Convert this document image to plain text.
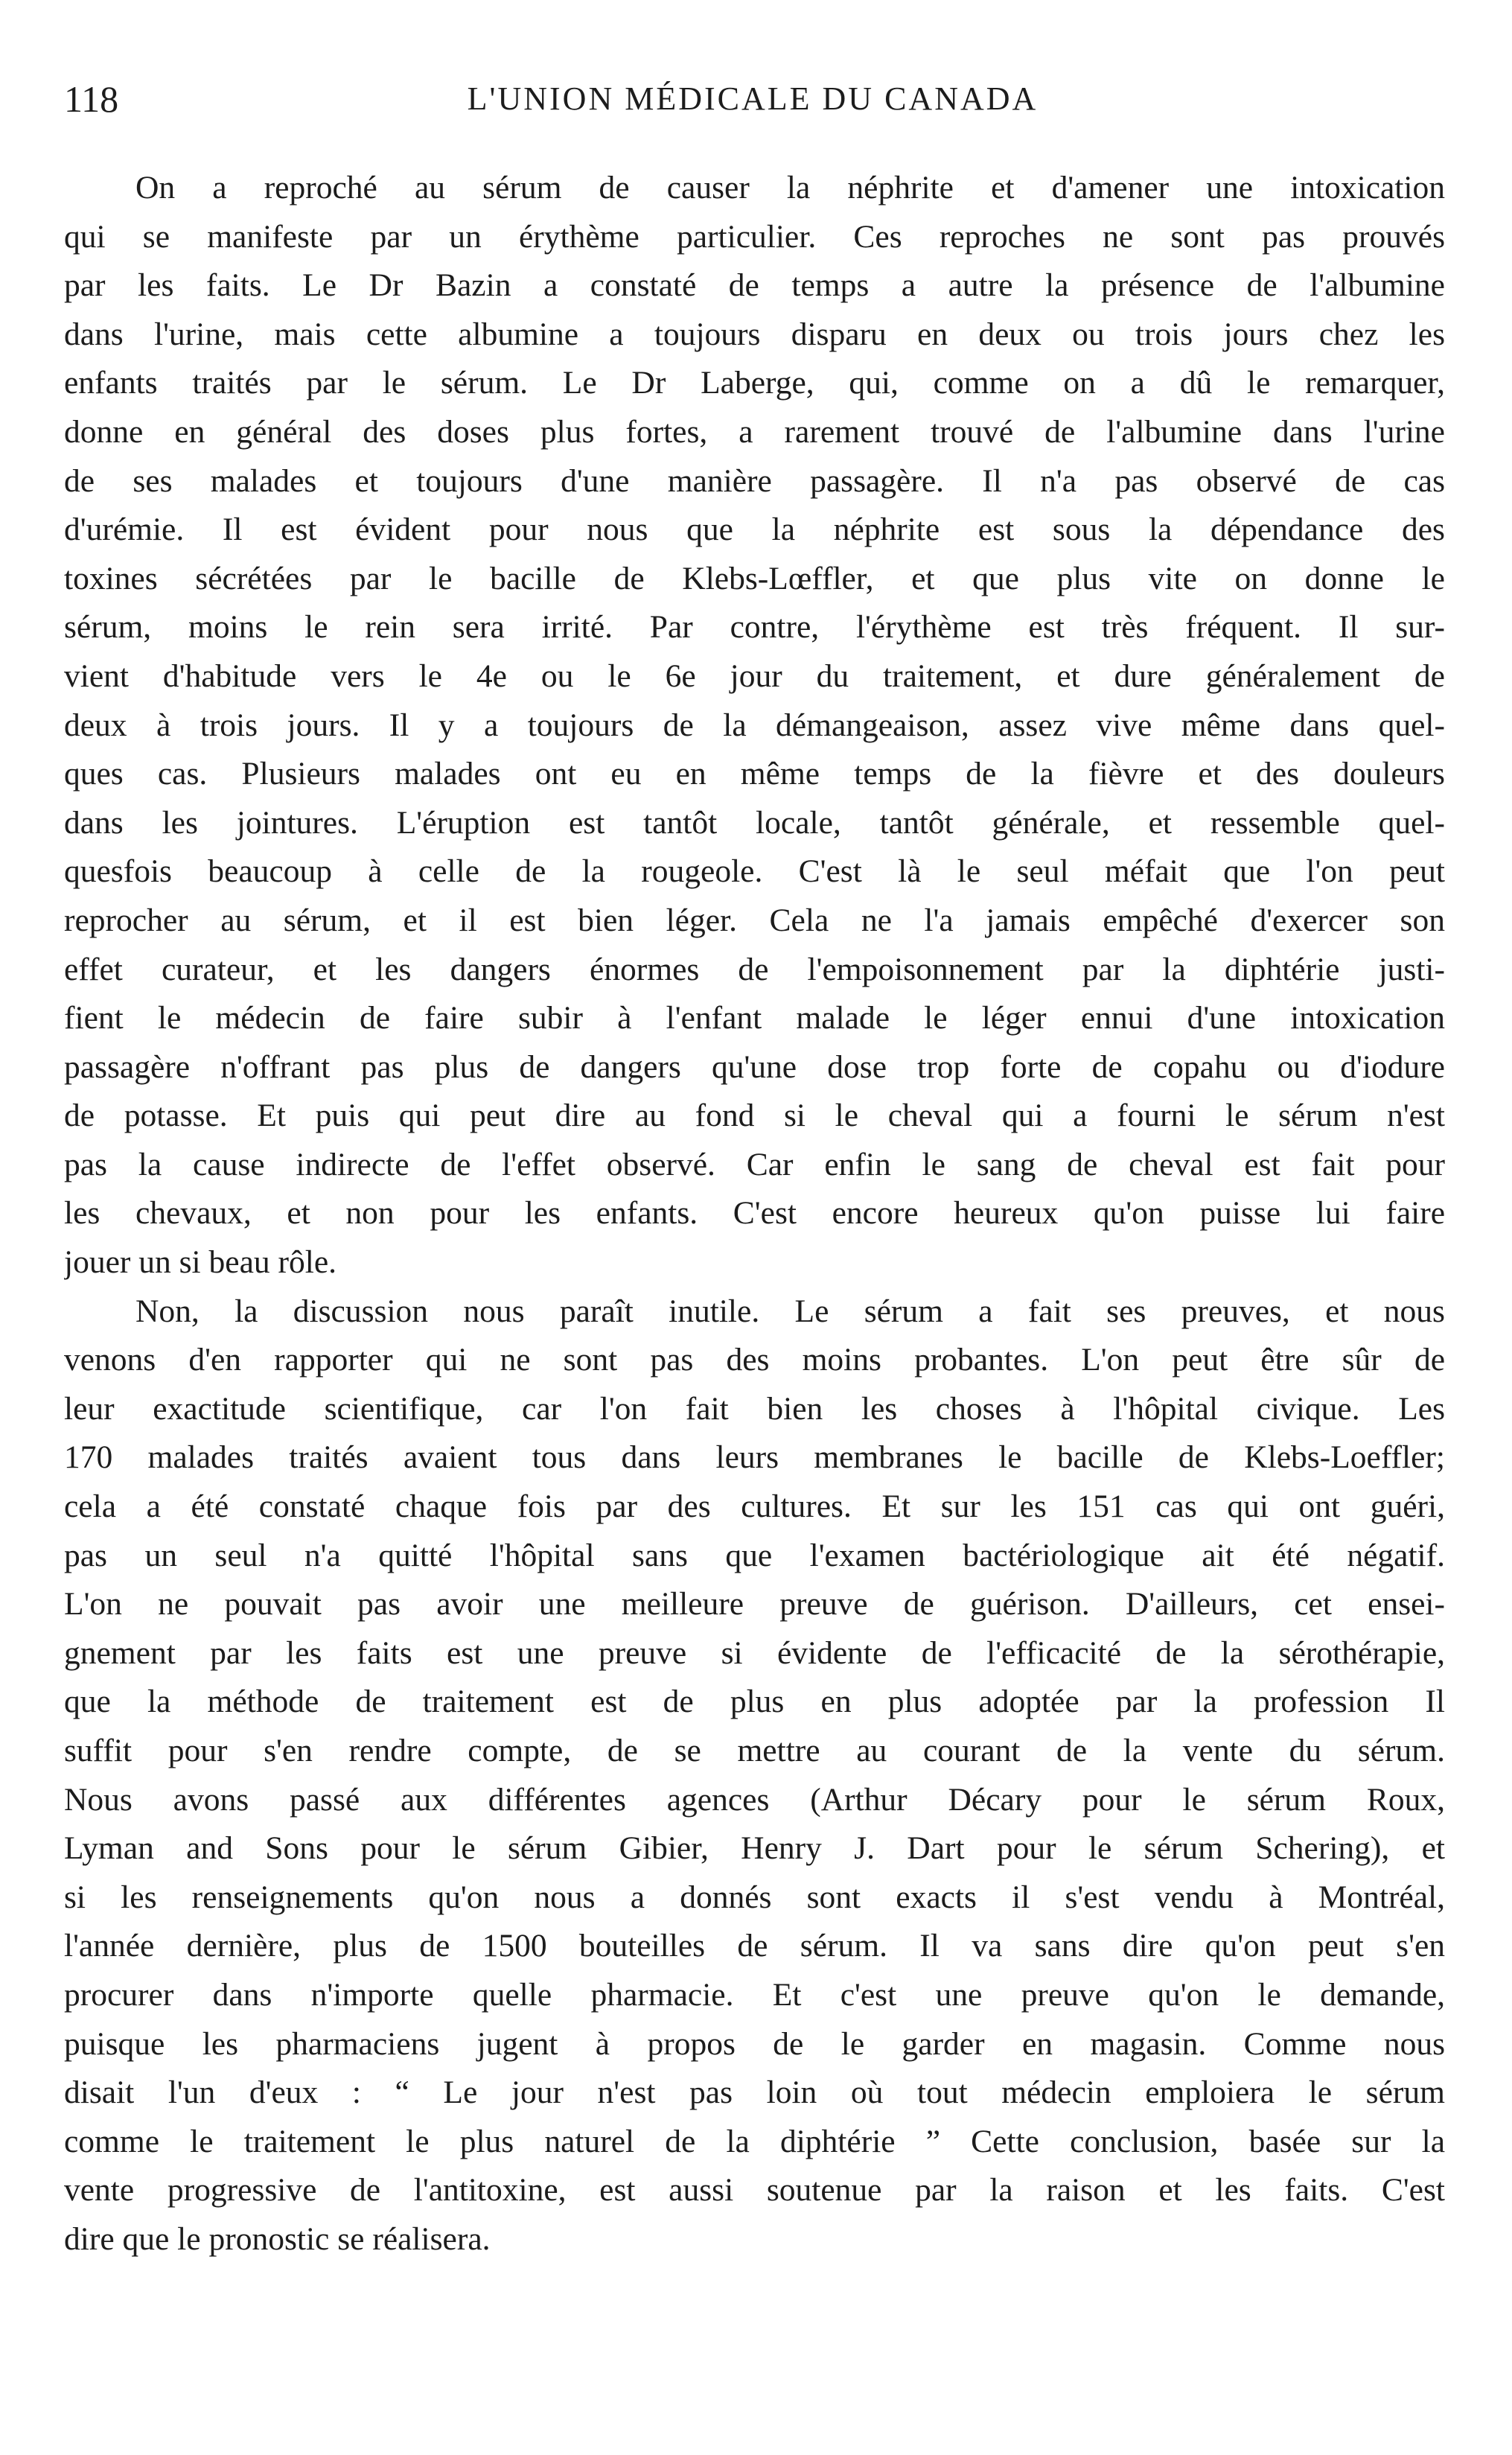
118	L'UNION MÉDICALE DU CANADA
On a reproché au sérum de causer la néphrite et d'amener une intoxication
qui se manifeste par un érythème particulier. Ces reproches ne sont pas prouvés
par les faits. Le Dr Bazin a constaté de temps a autre la présence de l'albumine
dans l'urine, mais cette albumine a toujours disparu en deux ou trois jours chez les
enfants traités par le sérum. Le Dr Laberge, qui, comme on a dû le remarquer,
donne en général des doses plus fortes, a rarement trouvé de l'albumine dans l'urine
de ses malades et toujours d'une manière passagère. Il n'a pas observé de cas
d'urémie. Il est évident pour nous que la néphrite est sous la dépendance des
toxines sécrétées par le bacille de Klebs-Lœffler, et que plus vite on donne le
sérum, moins le rein sera irrité. Par contre, l'érythème est très fréquent. Il sur-
vient d'habitude vers le 4e ou le 6e jour du traitement, et dure généralement de
deux à trois jours. Il y a toujours de la démangeaison, assez vive même dans quel-
ques cas. Plusieurs malades ont eu en même temps de la fièvre et des douleurs
dans les jointures. L'éruption est tantôt locale, tantôt générale, et ressemble quel-
quesfois beaucoup à celle de la rougeole. C'est là le seul méfait que l'on peut
reprocher au sérum, et il est bien léger. Cela ne l'a jamais empêché d'exercer son
effet curateur, et les dangers énormes de l'empoisonnement par la diphtérie justi-
fient le médecin de faire subir à l'enfant malade le léger ennui d'une intoxication
passagère n'offrant pas plus de dangers qu'une dose trop forte de copahu ou d'iodure
de potasse. Et puis qui peut dire au fond si le cheval qui a fourni le sérum n'est
pas la cause indirecte de l'effet observé. Car enfin le sang de cheval est fait pour
les chevaux, et non pour les enfants. C'est encore heureux qu'on puisse lui faire
jouer un si beau rôle.
Non, la discussion nous paraît inutile. Le sérum a fait ses preuves, et nous
venons d'en rapporter qui ne sont pas des moins probantes. L'on peut être sûr de
leur exactitude scientifique, car l'on fait bien les choses à l'hôpital civique. Les
170 malades traités avaient tous dans leurs membranes le bacille de Klebs-Loeffler;
cela a été constaté chaque fois par des cultures. Et sur les 151 cas qui ont guéri,
pas un seul n'a quitté l'hôpital sans que l'examen bactériologique ait été négatif.
L'on ne pouvait pas avoir une meilleure preuve de guérison. D'ailleurs, cet ensei-
gnement par les faits est une preuve si évidente de l'efficacité de la sérothérapie,
que la méthode de traitement est de plus en plus adoptée par la profession Il
suffit pour s'en rendre compte, de se mettre au courant de la vente du sérum.
Nous avons passé aux différentes agences (Arthur Décary pour le sérum Roux,
Lyman and Sons pour le sérum Gibier, Henry J. Dart pour le sérum Schering), et
si les renseignements qu'on nous a donnés sont exacts il s'est vendu à Montréal,
l'année dernière, plus de 1500 bouteilles de sérum. Il va sans dire qu'on peut s'en
procurer dans n'importe quelle pharmacie. Et c'est une preuve qu'on le demande,
puisque les pharmaciens jugent à propos de le garder en magasin. Comme nous
disait l'un d'eux : “ Le jour n'est pas loin où tout médecin emploiera le sérum
comme le traitement le plus naturel de la diphtérie ” Cette conclusion, basée sur la
vente progressive de l'antitoxine, est aussi soutenue par la raison et les faits. C'est
dire que le pronostic se réalisera.
